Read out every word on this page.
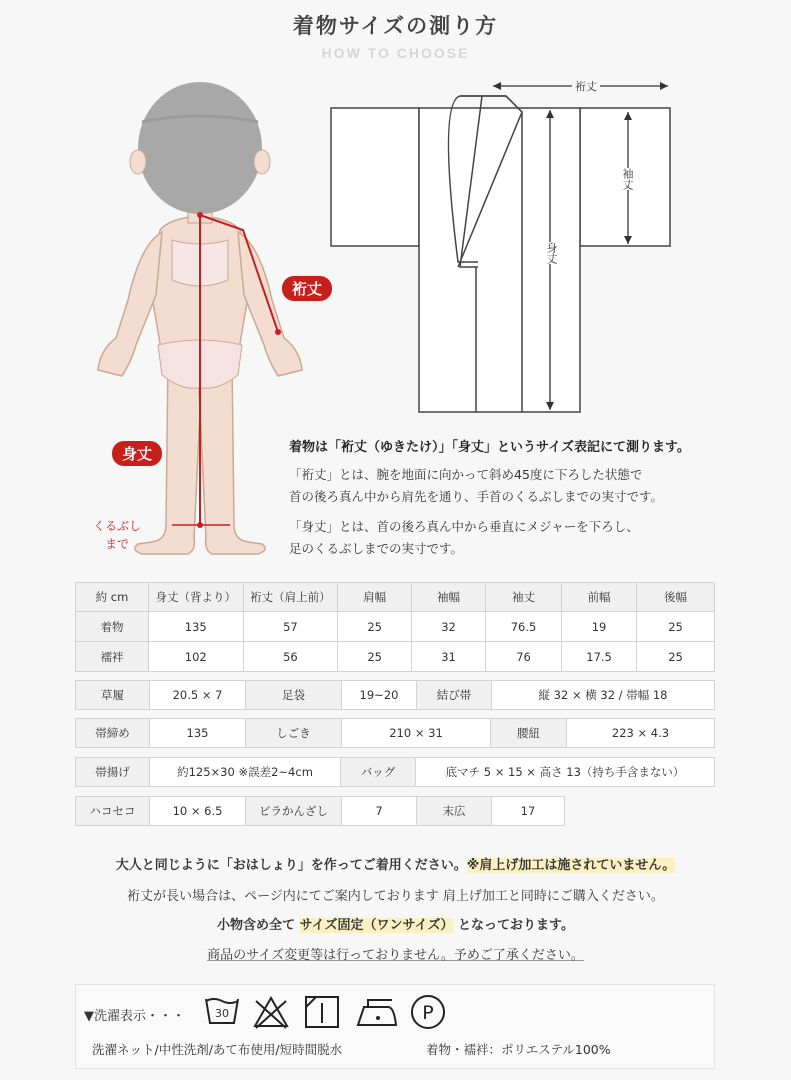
着物サイズの測り方
HOW TO CHOOSE
裄丈
身丈
くるぶし
まで
裄丈
袖丈
身丈
着物は「裄丈（ゆきたけ）」「身丈」というサイズ表記にて測ります。
「裄丈」とは、腕を地面に向かって斜め45度に下ろした状態で
首の後ろ真ん中から肩先を通り、手首のくるぶしまでの実寸です。
「身丈」とは、首の後ろ真ん中から垂直にメジャーを下ろし、
足のくるぶしまでの実寸です。
約 cm	身丈（背より）	裄丈（肩上前）	肩幅	袖幅	袖丈	前幅	後幅
着物	135	57	25	32	76.5	19	25
襦袢	102	56	25	31	76	17.5	25
草履	20.5 × 7	足袋	19~20	結び帯	縦 32 × 横 32 / 帯幅 18
帯締め	135	しごき	210 × 31	腰紐	223 × 4.3
帯揚げ	約125×30 ※誤差2~4cm	バッグ	底マチ 5 × 15 × 高さ 13（持ち手含まない）
ハコセコ	10 × 6.5	ビラかんざし	7	末広	17
大人と同じように「おはしょり」を作ってご着用ください。※肩上げ加工は施されていません。
裄丈が長い場合は、ページ内にてご案内しております 肩上げ加工と同時にご購入ください。
小物含め全て サイズ固定（ワンサイズ） となっております。
商品のサイズ変更等は行っておりません。予めご了承ください。
▼洗濯表示・・・	30	P
洗濯ネット/中性洗剤/あて布使用/短時間脱水	着物・襦袢：ポリエステル100%
